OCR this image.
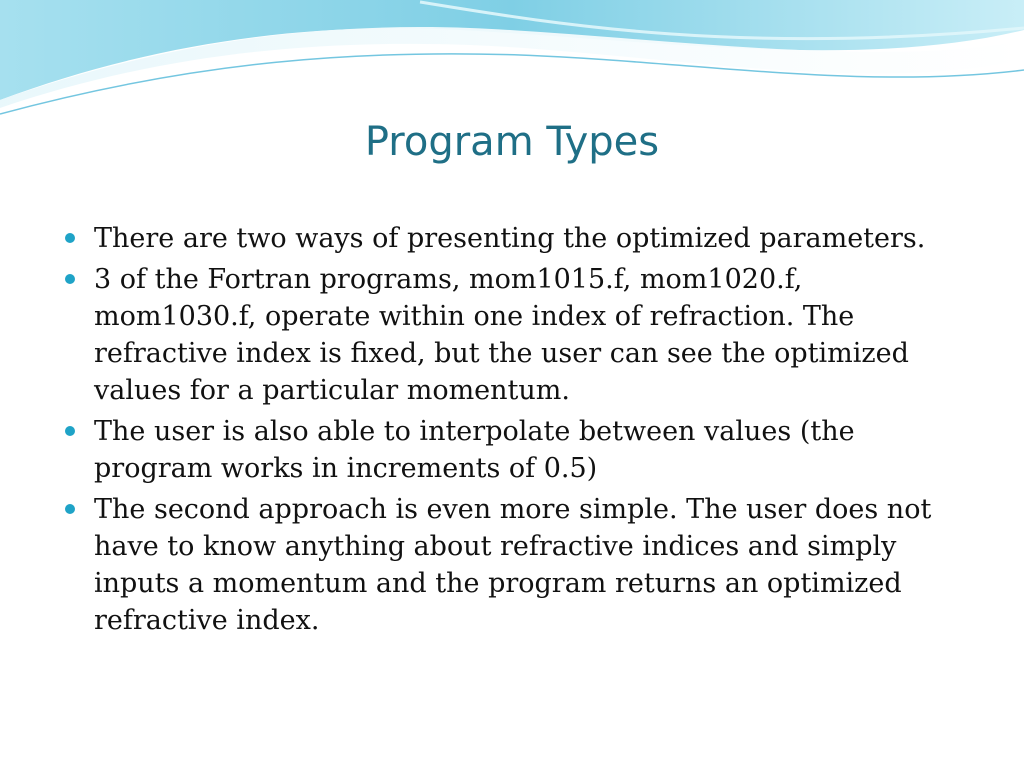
Program Types
There are two ways of presenting the optimized parameters.
3 of the Fortran programs, mom1015.f, mom1020.f, mom1030.f, operate within one index of refraction. The refractive index is fixed, but the user can see the optimized values for a particular momentum.
The user is also able to interpolate between values (the program works in increments of 0.5)
The second approach is even more simple. The user does not have to know anything about refractive indices and simply inputs a momentum and the program returns an optimized refractive index.
